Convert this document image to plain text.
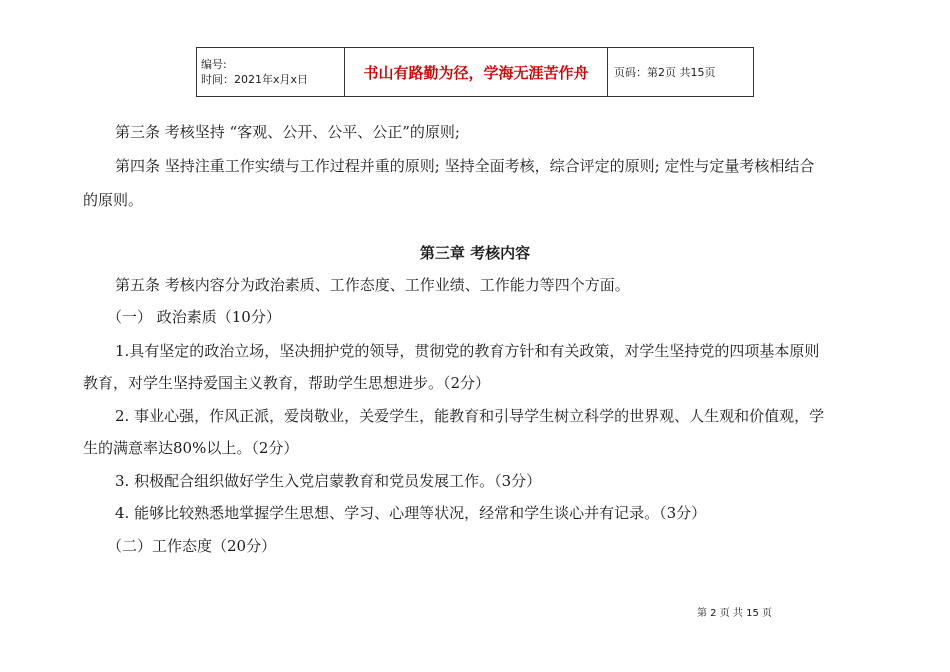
编号:
时间：2021年x月x日	书山有路勤为径，学海无涯苦作舟	页码：第2页 共15页
第三条 考核坚持 “客观、公开、公平、公正”的原则;
第四条 坚持注重工作实绩与工作过程并重的原则; 坚持全面考核，综合评定的原则; 定性与定量考核相结合
的原则。
第三章 考核内容
第五条 考核内容分为政治素质、工作态度、工作业绩、工作能力等四个方面。
（一） 政治素质（10分）
1.具有坚定的政治立场，坚决拥护党的领导，贯彻党的教育方针和有关政策，对学生坚持党的四项基本原则
教育，对学生坚持爱国主义教育，帮助学生思想进步。（2分）
2. 事业心强，作风正派，爱岗敬业，关爱学生，能教育和引导学生树立科学的世界观、人生观和价值观，学
生的满意率达80%以上。（2分）
3. 积极配合组织做好学生入党启蒙教育和党员发展工作。（3分）
4. 能够比较熟悉地掌握学生思想、学习、心理等状况，经常和学生谈心并有记录。（3分）
（二）工作态度（20分）
第 2 页 共 15 页
